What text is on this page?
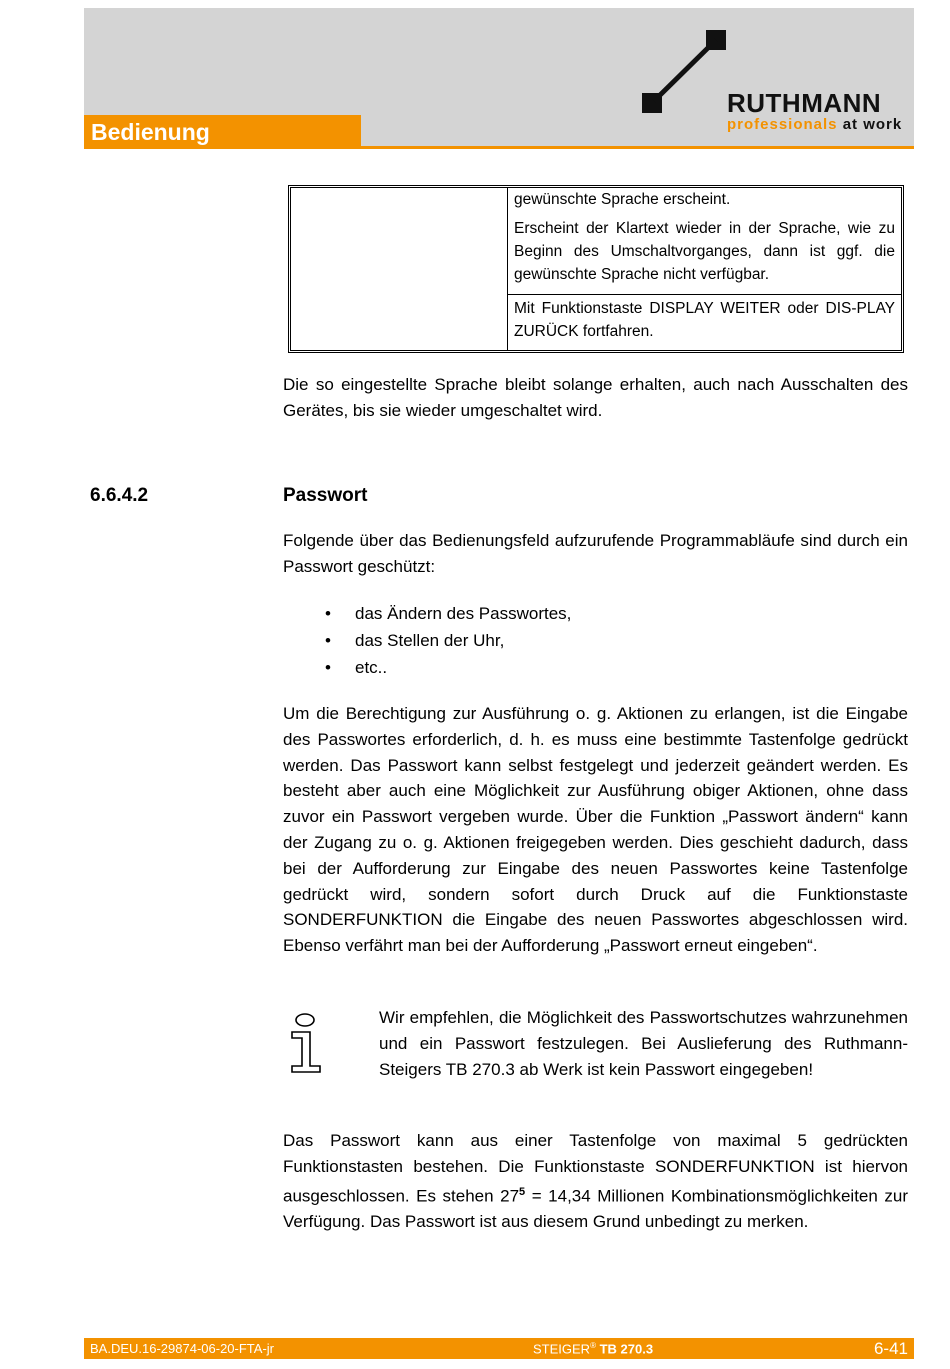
Bedienung
RUTHMANN
professionals at work
gewünschte Sprache erscheint.
Erscheint der Klartext wieder in der Sprache, wie zu Beginn des Umschaltvorganges, dann ist ggf. die gewünschte Sprache nicht verfügbar.
Mit Funktionstaste DISPLAY WEITER oder DIS-PLAY ZURÜCK fortfahren.

Die so eingestellte Sprache bleibt solange erhalten, auch nach Ausschalten des Gerätes, bis sie wieder umgeschaltet wird.

6.6.4.2	Passwort

Folgende über das Bedienungsfeld aufzurufende Programmabläufe sind durch ein Passwort geschützt:

•	das Ändern des Passwortes,
•	das Stellen der Uhr,
•	etc..

Um die Berechtigung zur Ausführung o. g. Aktionen zu erlangen, ist die Eingabe des Passwortes erforderlich, d. h. es muss eine bestimmte Tastenfolge gedrückt werden. Das Passwort kann selbst festgelegt und jederzeit geändert werden. Es besteht aber auch eine Möglichkeit zur Ausführung obiger Aktionen, ohne dass zuvor ein Passwort vergeben wurde. Über die Funktion „Passwort ändern“ kann der Zugang zu o. g. Aktionen freigegeben werden. Dies geschieht dadurch, dass bei der Aufforderung zur Eingabe des neuen Passwortes keine Tastenfolge gedrückt wird, sondern sofort durch Druck auf die Funktionstaste SONDERFUNKTION die Eingabe des neuen Passwortes abgeschlossen wird. Ebenso verfährt man bei der Aufforderung „Passwort erneut eingeben“.

Wir empfehlen, die Möglichkeit des Passwortschutzes wahrzunehmen und ein Passwort festzulegen. Bei Auslieferung des Ruthmann-Steigers TB 270.3 ab Werk ist kein Passwort eingegeben!

Das Passwort kann aus einer Tastenfolge von maximal 5 gedrückten Funktionstasten bestehen. Die Funktionstaste SONDERFUNKTION ist hiervon ausgeschlossen. Es stehen $27^5 = 14,34$ Millionen Kombinationsmöglichkeiten zur Verfügung. Das Passwort ist aus diesem Grund unbedingt zu merken.

BA.DEU.16-29874-06-20-FTA-jr	STEIGER® TB 270.3	6-41
